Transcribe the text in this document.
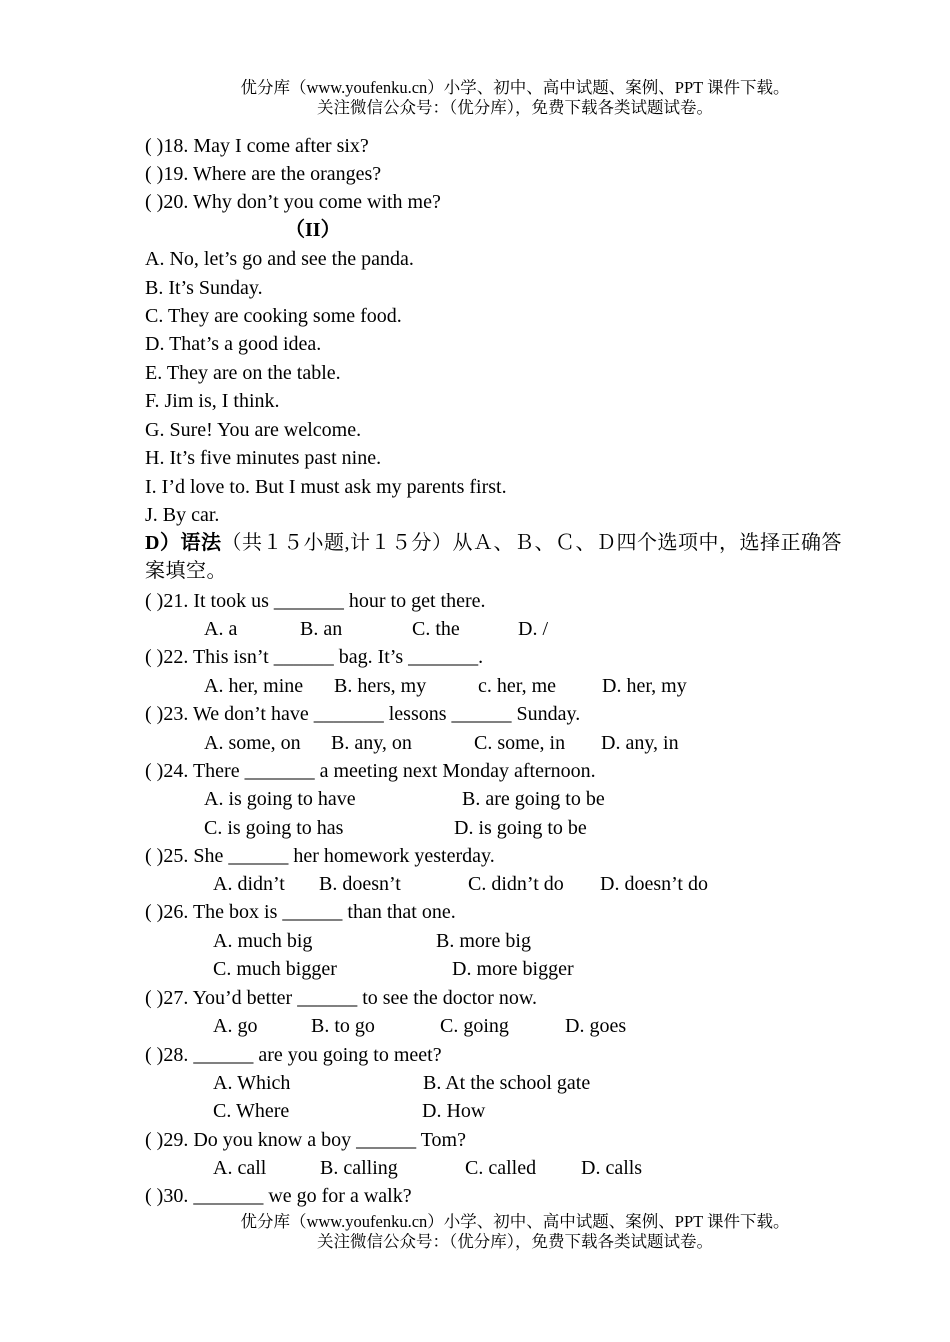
优分库（www.youfenku.cn）小学、初中、高中试题、案例、PPT 课件下载。
关注微信公众号：（优分库），免费下载各类试题试卷。
( )18. May I come after six?
( )19. Where are the oranges?
( )20. Why don’t you come with me?
（II）
A. No, let’s go and see the panda.
B. It’s Sunday.
C. They are cooking some food.
D. That’s a good idea.
E. They are on the table.
F. Jim is, I think.
G. Sure! You are welcome.
H. It’s five minutes past nine.
I. I’d love to. But I must ask my parents first.
J. By car.
D）语法（共１５小题,计１５分）从Ａ、Ｂ、Ｃ、Ｄ四个选项中，选择正确答
案填空。
( )21. It took us _______ hour to get there.
A. a	B. an	C. the	D. /
( )22. This isn’t ______ bag. It’s _______.
A. her, mine B. hers, my	c. her, me D. her, my
( )23. We don’t have _______ lessons ______ Sunday.
A. some, on B. any, on	C. some, in D. any, in
( )24. There _______ a meeting next Monday afternoon.
A. is going to have	B. are going to be
C. is going to has	D. is going to be
( )25. She ______ her homework yesterday.
A. didn’t B. doesn’t	C. didn’t do D. doesn’t do
( )26. The box is ______ than that one.
A. much big	B. more big
C. much bigger	D. more bigger
( )27. You’d better ______ to see the doctor now.
A. go	B. to go	C. going	D. goes
( )28. ______ are you going to meet?
A. Which	B. At the school gate
C. Where	D. How
( )29. Do you know a boy ______ Tom?
A. call	B. calling	C. called D. calls
( )30. _______ we go for a walk?
优分库（www.youfenku.cn）小学、初中、高中试题、案例、PPT 课件下载。
关注微信公众号：（优分库），免费下载各类试题试卷。
